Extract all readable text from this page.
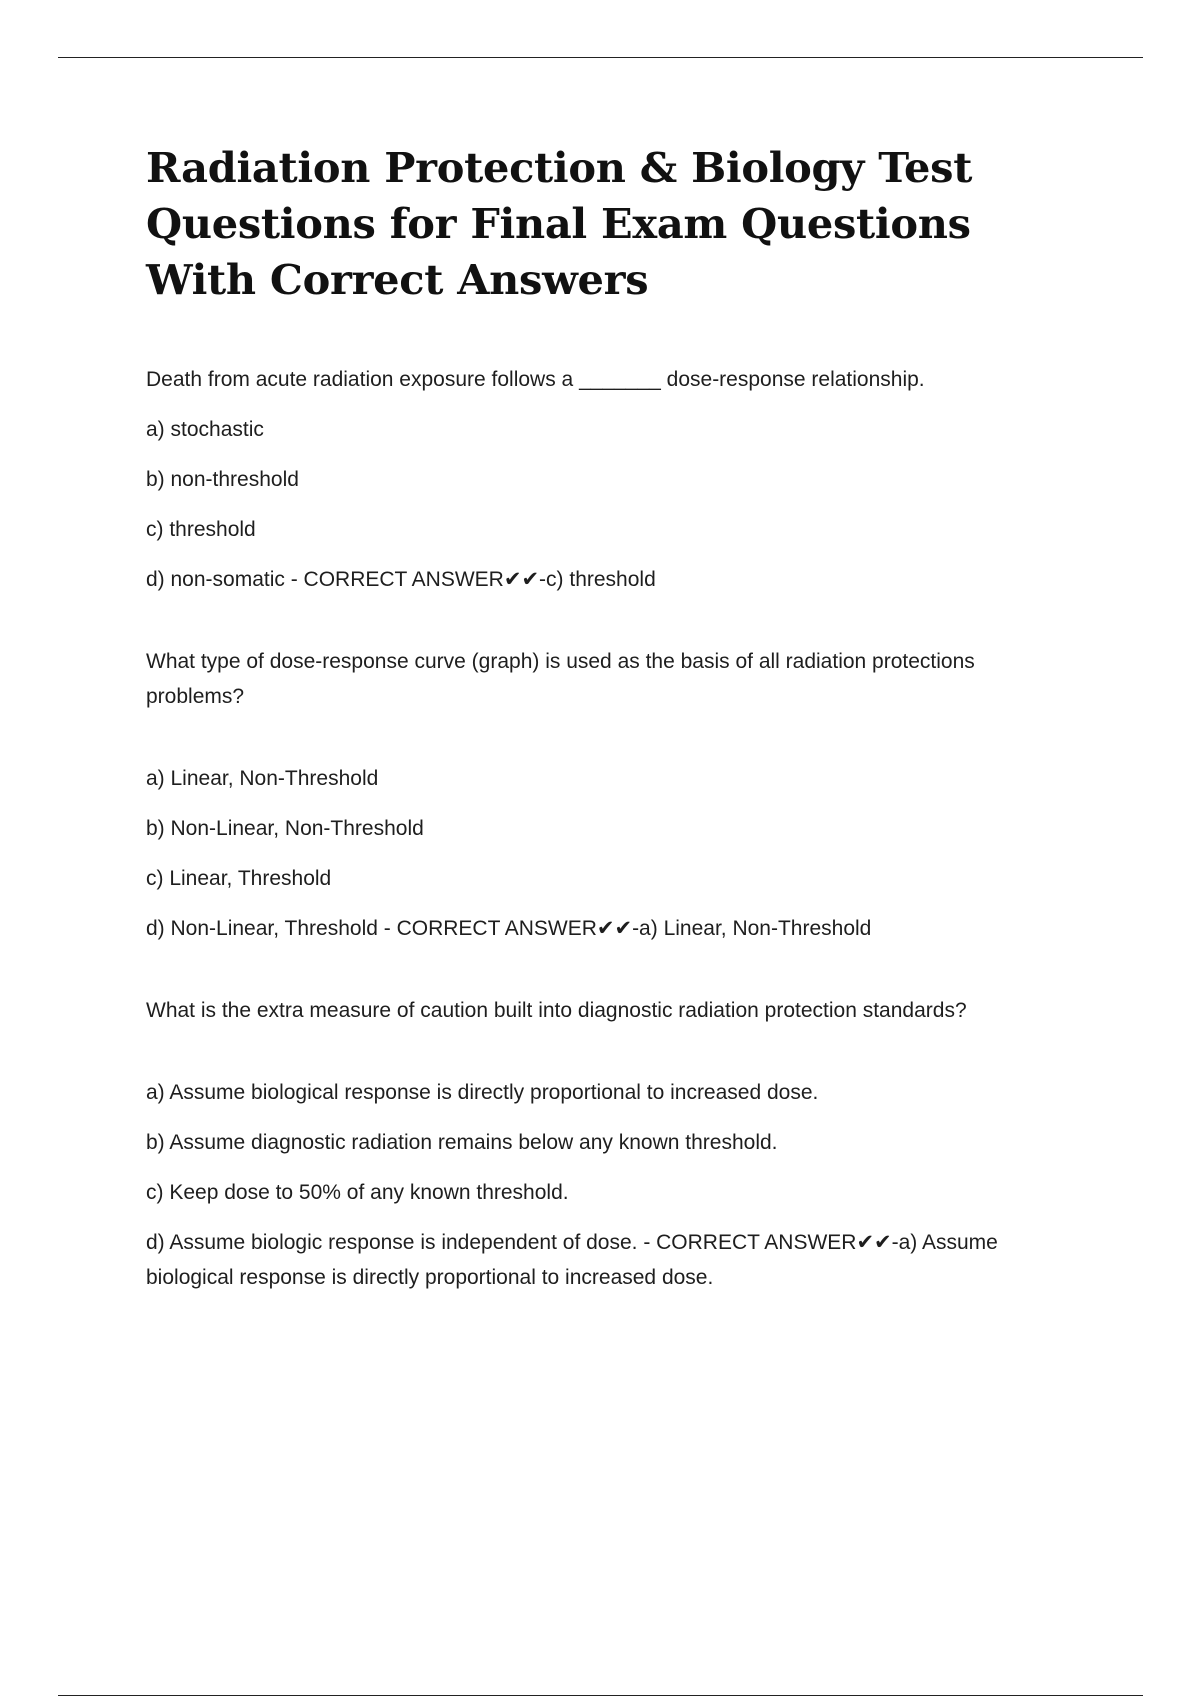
Radiation Protection & Biology Test Questions for Final Exam Questions With Correct Answers

Death from acute radiation exposure follows a _______ dose-response relationship.

a) stochastic

b) non-threshold

c) threshold

d) non-somatic - CORRECT ANSWER✔✔-c) threshold

What type of dose-response curve (graph) is used as the basis of all radiation protections problems?

a) Linear, Non-Threshold

b) Non-Linear, Non-Threshold

c) Linear, Threshold

d) Non-Linear, Threshold - CORRECT ANSWER✔✔-a) Linear, Non-Threshold

What is the extra measure of caution built into diagnostic radiation protection standards?

a) Assume biological response is directly proportional to increased dose.

b) Assume diagnostic radiation remains below any known threshold.

c) Keep dose to 50% of any known threshold.

d) Assume biologic response is independent of dose. - CORRECT ANSWER✔✔-a) Assume biological response is directly proportional to increased dose.
